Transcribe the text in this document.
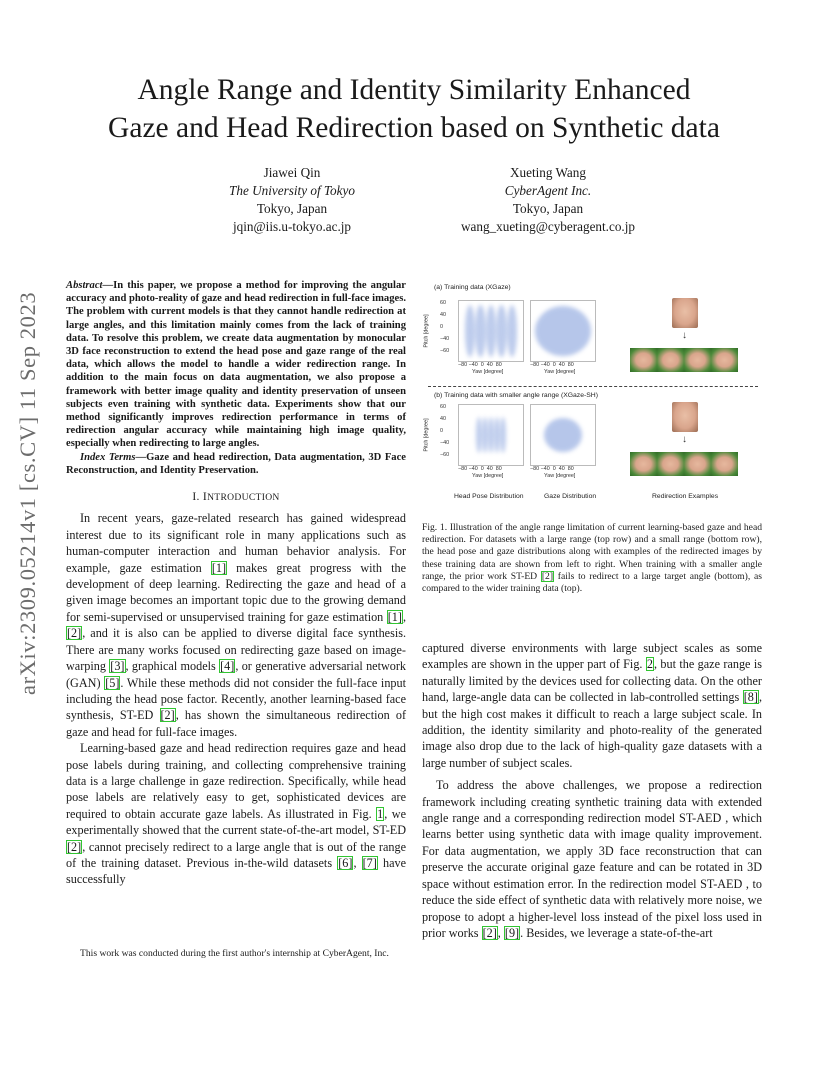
arXiv:2309.05214v1 [cs.CV] 11 Sep 2023
Angle Range and Identity Similarity Enhanced
Gaze and Head Redirection based on Synthetic data
Jiawei Qin
The University of Tokyo
Tokyo, Japan
jqin@iis.u-tokyo.ac.jp
Xueting Wang
CyberAgent Inc.
Tokyo, Japan
wang_xueting@cyberagent.co.jp
Abstract—In this paper, we propose a method for improving the angular accuracy and photo-reality of gaze and head redirection in full-face images. The problem with current models is that they cannot handle redirection at large angles, and this limitation mainly comes from the lack of training data. To resolve this problem, we create data augmentation by monocular 3D face reconstruction to extend the head pose and gaze range of the real data, which allows the model to handle a wider redirection range. In addition to the main focus on data augmentation, we also propose a framework with better image quality and identity preservation of unseen subjects even training with synthetic data. Experiments show that our method significantly improves redirection performance in terms of redirection angular accuracy while maintaining high image quality, especially when redirecting to large angles.
Index Terms—Gaze and head redirection, Data augmentation, 3D Face Reconstruction, and Identity Preservation.
I. INTRODUCTION

In recent years, gaze-related research has gained widespread interest due to its significant role in many applications such as human-computer interaction and human behavior analysis. For example, gaze estimation [1] makes great progress with the development of deep learning. Redirecting the gaze and head of a given image becomes an important topic due to the growing demand for semi-supervised or unsupervised training for gaze estimation [1], [2], and it is also can be applied to diverse digital face synthesis. There are many works focused on redirecting gaze based on image-warping [3], graphical models [4], or generative adversarial network (GAN) [5]. While these methods did not consider the full-face input including the head pose factor. Recently, another learning-based face synthesis, ST-ED [2], has shown the simultaneous redirection of gaze and head for full-face images.

Learning-based gaze and head redirection requires gaze and head pose labels during training, and collecting comprehensive training data is a large challenge in gaze redirection. Specifically, while head pose labels are relatively easy to get, sophisticated devices are required to obtain accurate gaze labels. As illustrated in Fig. 1, we experimentally showed that the current state-of-the-art model, ST-ED [2], cannot precisely redirect to a large angle that is out of the range of the training dataset. Previous in-the-wild datasets [6], [7] have successfully

This work was conducted during the first author's internship at CyberAgent, Inc.
(a) Training data (XGaze)
(b) Training data with smaller angle range (XGaze-SH)
Pitch [degree]
60
40
0
−40
−60
−80 −40  0  40  80	−80 −40  0  40  80
Yaw [degree]	Yaw [degree]
↓
Pitch [degree]
60
40
0
−40
−60
−80 −40  0  40  80	−80 −40  0  40  80
Yaw [degree]	Yaw [degree]
↓
Head Pose Distribution	Gaze Distribution	Redirection Examples
Fig. 1. Illustration of the angle range limitation of current learning-based gaze and head redirection. For datasets with a large range (top row) and a small range (bottom row), the head pose and gaze distributions along with examples of the redirected images by these training data are shown from left to right. When training with a smaller angle range, the prior work ST-ED [2] fails to redirect to a large target angle (bottom), as compared to the wider training data (top).

captured diverse environments with large subject scales as some examples are shown in the upper part of Fig. 2, but the gaze range is naturally limited by the devices used for collecting data. On the other hand, large-angle data can be collected in lab-controlled settings [8], but the high cost makes it difficult to reach a large subject scale. In addition, the identity similarity and photo-reality of the generated image also drop due to the lack of high-quality gaze datasets with a large number of subject scales.

To address the above challenges, we propose a redirection framework including creating synthetic training data with extended angle range and a corresponding redirection model ST-AED , which learns better using synthetic data with image quality improvement. For data augmentation, we apply 3D face reconstruction that can preserve the accurate original gaze feature and can be rotated in 3D space without estimation error. In the redirection model ST-AED , to reduce the side effect of synthetic data with relatively more noise, we propose to adopt a higher-level loss instead of the pixel loss used in prior works [2], [9]. Besides, we leverage a state-of-the-art
